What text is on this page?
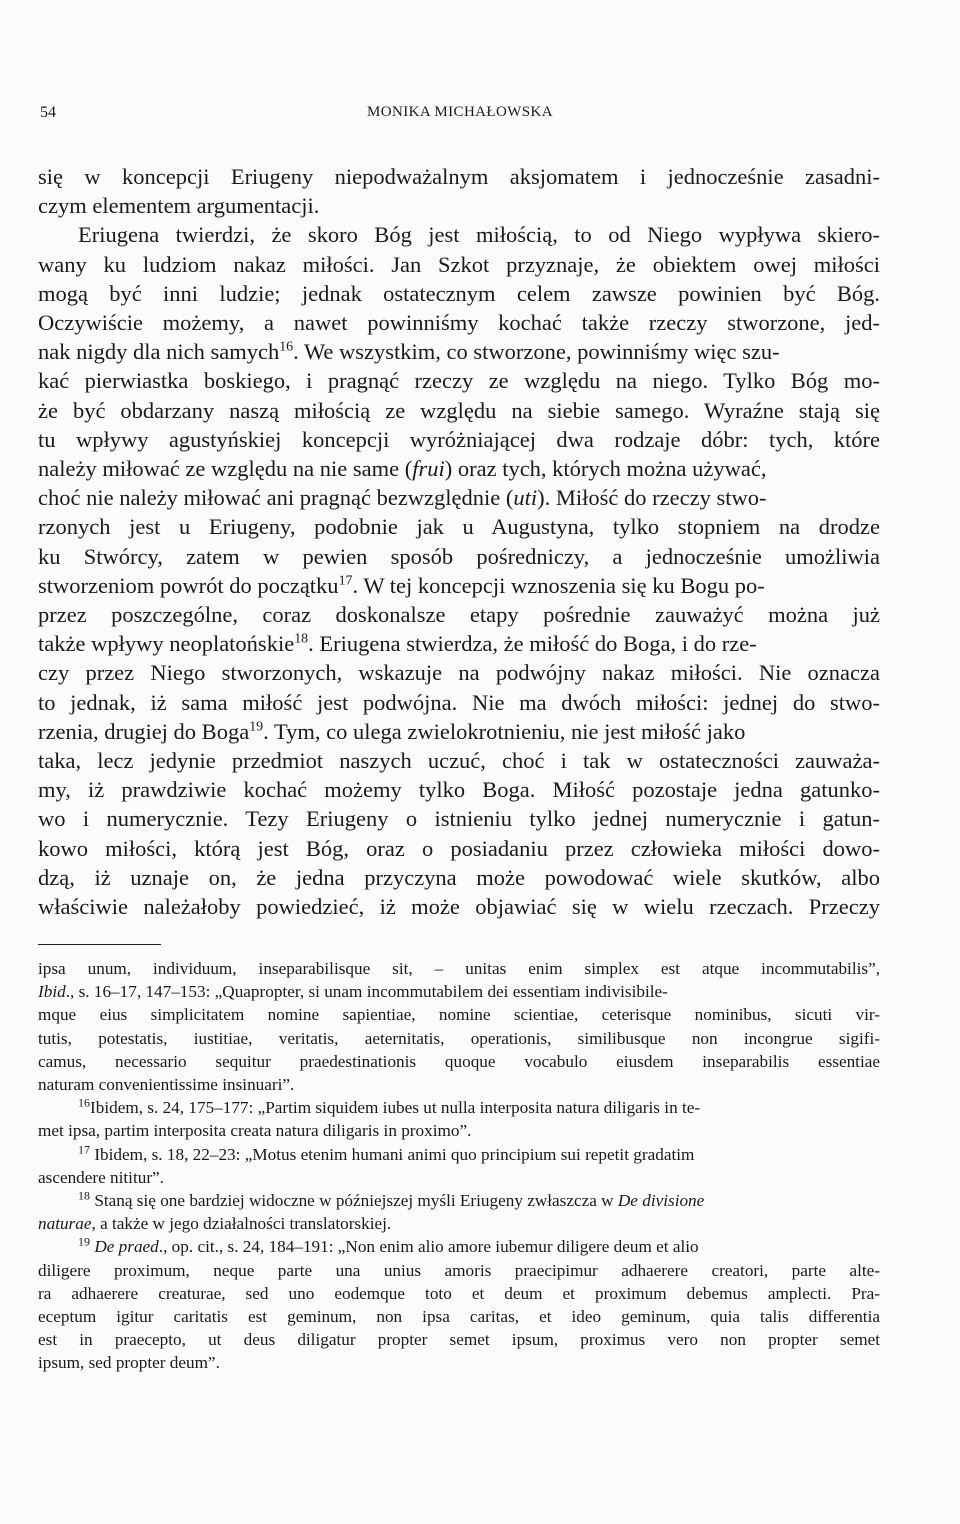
54	MONIKA MICHAŁOWSKA
się w koncepcji Eriugeny niepodważalnym aksjomatem i jednocześnie zasadni-
czym elementem argumentacji.
Eriugena twierdzi, że skoro Bóg jest miłością, to od Niego wypływa skiero-
wany ku ludziom nakaz miłości. Jan Szkot przyznaje, że obiektem owej miłości
mogą być inni ludzie; jednak ostatecznym celem zawsze powinien być Bóg.
Oczywiście możemy, a nawet powinniśmy kochać także rzeczy stworzone, jed-
nak nigdy dla nich samych$^{16}$. We wszystkim, co stworzone, powinniśmy więc szu-
kać pierwiastka boskiego, i pragnąć rzeczy ze względu na niego. Tylko Bóg mo-
że być obdarzany naszą miłością ze względu na siebie samego. Wyraźne stają się
tu wpływy agustyńskiej koncepcji wyróżniającej dwa rodzaje dóbr: tych, które
należy miłować ze względu na nie same (frui) oraz tych, których można używać,
choć nie należy miłować ani pragnąć bezwzględnie (uti). Miłość do rzeczy stwo-
rzonych jest u Eriugeny, podobnie jak u Augustyna, tylko stopniem na drodze
ku Stwórcy, zatem w pewien sposób pośredniczy, a jednocześnie umożliwia
stworzeniom powrót do początku$^{17}$. W tej koncepcji wznoszenia się ku Bogu po-
przez poszczególne, coraz doskonalsze etapy pośrednie zauważyć można już
także wpływy neoplatońskie$^{18}$. Eriugena stwierdza, że miłość do Boga, i do rze-
czy przez Niego stworzonych, wskazuje na podwójny nakaz miłości. Nie oznacza
to jednak, iż sama miłość jest podwójna. Nie ma dwóch miłości: jednej do stwo-
rzenia, drugiej do Boga$^{19}$. Tym, co ulega zwielokrotnieniu, nie jest miłość jako
taka, lecz jedynie przedmiot naszych uczuć, choć i tak w ostateczności zauważa-
my, iż prawdziwie kochać możemy tylko Boga. Miłość pozostaje jedna gatunko-
wo i numerycznie. Tezy Eriugeny o istnieniu tylko jednej numerycznie i gatun-
kowo miłości, którą jest Bóg, oraz o posiadaniu przez człowieka miłości dowo-
dzą, iż uznaje on, że jedna przyczyna może powodować wiele skutków, albo
właściwie należałoby powiedzieć, iż może objawiać się w wielu rzeczach. Przeczy
ipsa unum, individuum, inseparabilisque sit, – unitas enim simplex est atque incommutabilis”,
Ibid., s. 16–17, 147–153: „Quapropter, si unam incommutabilem dei essentiam indivisibile-
mque eius simplicitatem nomine sapientiae, nomine scientiae, ceterisque nominibus, sicuti vir-
tutis, potestatis, iustitiae, veritatis, aeternitatis, operationis, similibusque non incongrue sigifi-
camus, necessario sequitur praedestinationis quoque vocabulo eiusdem inseparabilis essentiae
naturam convenientissime insinuari”.
$^{16}$Ibidem, s. 24, 175–177: „Partim siquidem iubes ut nulla interposita natura diligaris in te-
met ipsa, partim interposita creata natura diligaris in proximo”.
$^{17}$ Ibidem, s. 18, 22–23: „Motus etenim humani animi quo principium sui repetit gradatim
ascendere nititur”.
$^{18}$ Staną się one bardziej widoczne w późniejszej myśli Eriugeny zwłaszcza w De divisione
naturae, a także w jego działalności translatorskiej.
$^{19}$ De praed., op. cit., s. 24, 184–191: „Non enim alio amore iubemur diligere deum et alio
diligere proximum, neque parte una unius amoris praecipimur adhaerere creatori, parte alte-
ra adhaerere creaturae, sed uno eodemque toto et deum et proximum debemus amplecti. Pra-
eceptum igitur caritatis est geminum, non ipsa caritas, et ideo geminum, quia talis differentia
est in praecepto, ut deus diligatur propter semet ipsum, proximus vero non propter semet
ipsum, sed propter deum”.
